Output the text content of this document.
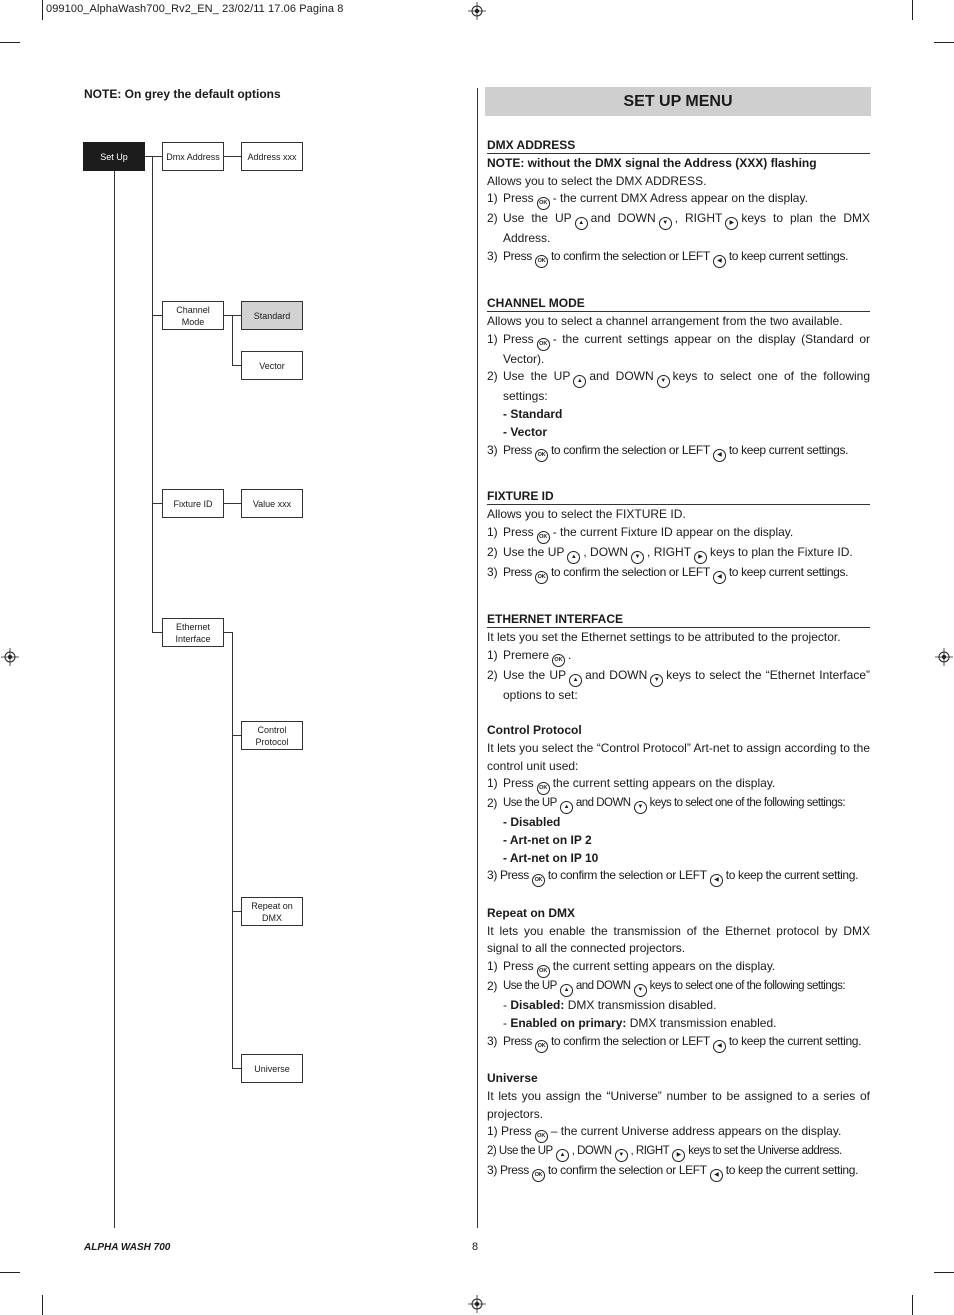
099100_AlphaWash700_Rv2_EN_ 23/02/11 17.06 Pagina 8
NOTE: On grey the default options
Set Up	Dmx Address	Address xxx
Channel Mode
Standard
Vector
Fixture ID	Value xxx
Ethernet Interface
Control Protocol
Repeat on DMX
Universe
SET UP MENU
DMX ADDRESS
NOTE: without the DMX signal the Address (XXX) flashing
Allows you to select the DMX ADDRESS.
1) Press OK - the current DMX Adress appear on the display.
2) Use the UP ▲ and DOWN ▼ , RIGHT ▶ keys to plan the DMX Address.
3) Press OK to confirm the selection or LEFT ◀ to keep current settings.
CHANNEL MODE
Allows you to select a channel arrangement from the two available.
1) Press OK - the current settings appear on the display (Standard or Vector).
2) Use the UP ▲ and DOWN ▼ keys to select one of the following settings:
- Standard
- Vector
3) Press OK to confirm the selection or LEFT ◀ to keep current settings.
FIXTURE ID
Allows you to select the FIXTURE ID.
1) Press OK - the current Fixture ID appear on the display.
2) Use the UP ▲ , DOWN ▼ , RIGHT ▶ keys to plan the Fixture ID.
3) Press OK to confirm the selection or LEFT ◀ to keep current settings.
ETHERNET INTERFACE
It lets you set the Ethernet settings to be attributed to the projector.
1) Premere OK .
2) Use the UP ▲ and DOWN ▼ keys to select the “Ethernet Interface” options to set:
Control Protocol
It lets you select the “Control Protocol” Art-net to assign according to the control unit used:
1) Press OK the current setting appears on the display.
2) Use the UP ▲ and DOWN ▼ keys to select one of the following settings:
- Disabled
- Art-net on IP 2
- Art-net on IP 10
3) Press OK to confirm the selection or LEFT ◀ to keep the current setting.
Repeat on DMX
It lets you enable the transmission of the Ethernet protocol by DMX signal to all the connected projectors.
1) Press OK the current setting appears on the display.
2) Use the UP ▲ and DOWN ▼ keys to select one of the following settings:
- Disabled: DMX transmission disabled.
- Enabled on primary: DMX transmission enabled.
3) Press OK to confirm the selection or LEFT ◀ to keep the current setting.
Universe
It lets you assign the “Universe” number to be assigned to a series of projectors.
1) Press OK – the current Universe address appears on the display.
2) Use the UP ▲ , DOWN ▼ , RIGHT ▶ keys to set the Universe address.
3) Press OK to confirm the selection or LEFT ◀ to keep the current setting.
ALPHA WASH 700	8
